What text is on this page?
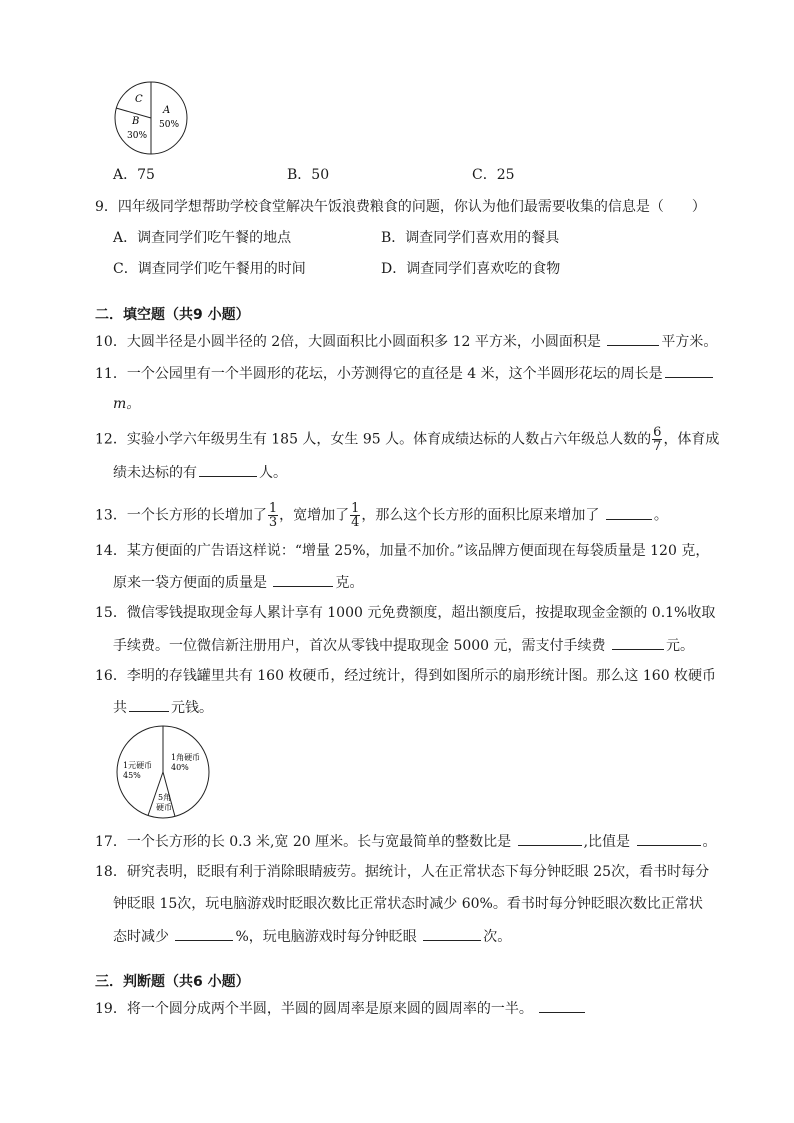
A
50%
B
30%
C
A．75	B．50	C．25
9．四年级同学想帮助学校食堂解决午饭浪费粮食的问题，你认为他们最需要收集的信息是（　　）
A．调查同学们吃午餐的地点	B．调查同学们喜欢用的餐具
C．调查同学们吃午餐用的时间	D．调查同学们喜欢吃的食物
二．填空题（共9 小题）
10．大圆半径是小圆半径的 2倍，大圆面积比小圆面积多 12 平方米，小圆面积是	平方米。
11．一个公园里有一个半圆形的花坛，小芳测得它的直径是 4 米，这个半圆形花坛的周长是
m。
12．实验小学六年级男生有 185 人，女生 95 人。体育成绩达标的人数占六年级总人数的 $\frac{6}{7}$ ，体育成
绩未达标的有	人。
13．一个长方形的长增加了 $\frac{1}{3}$ ，宽增加了 $\frac{1}{4}$ ，那么这个长方形的面积比原来增加了	。
14．某方便面的广告语这样说：“增量 25%，加量不加价。”该品牌方便面现在每袋质量是 120 克，
原来一袋方便面的质量是	克。
15．微信零钱提取现金每人累计享有 1000 元免费额度，超出额度后，按提取现金金额的 0.1%收取
手续费。一位微信新注册用户，首次从零钱中提取现金 5000 元，需支付手续费	元。
16．李明的存钱罐里共有 160 枚硬币，经过统计，得到如图所示的扇形统计图。那么这 160 枚硬币
共	元钱。
1角硬币
40%
1元硬币
45%
5角
硬币
17．一个长方形的长 0.3 米,宽 20 厘米。长与宽最简单的整数比是	,比值是	。
18．研究表明，眨眼有利于消除眼睛疲劳。据统计，人在正常状态下每分钟眨眼 25次，看书时每分
钟眨眼 15次，玩电脑游戏时眨眼次数比正常状态时减少 60%。看书时每分钟眨眼次数比正常状
态时减少	%，玩电脑游戏时每分钟眨眼	次。
三．判断题（共6 小题）
19．将一个圆分成两个半圆，半圆的圆周率是原来圆的圆周率的一半。
